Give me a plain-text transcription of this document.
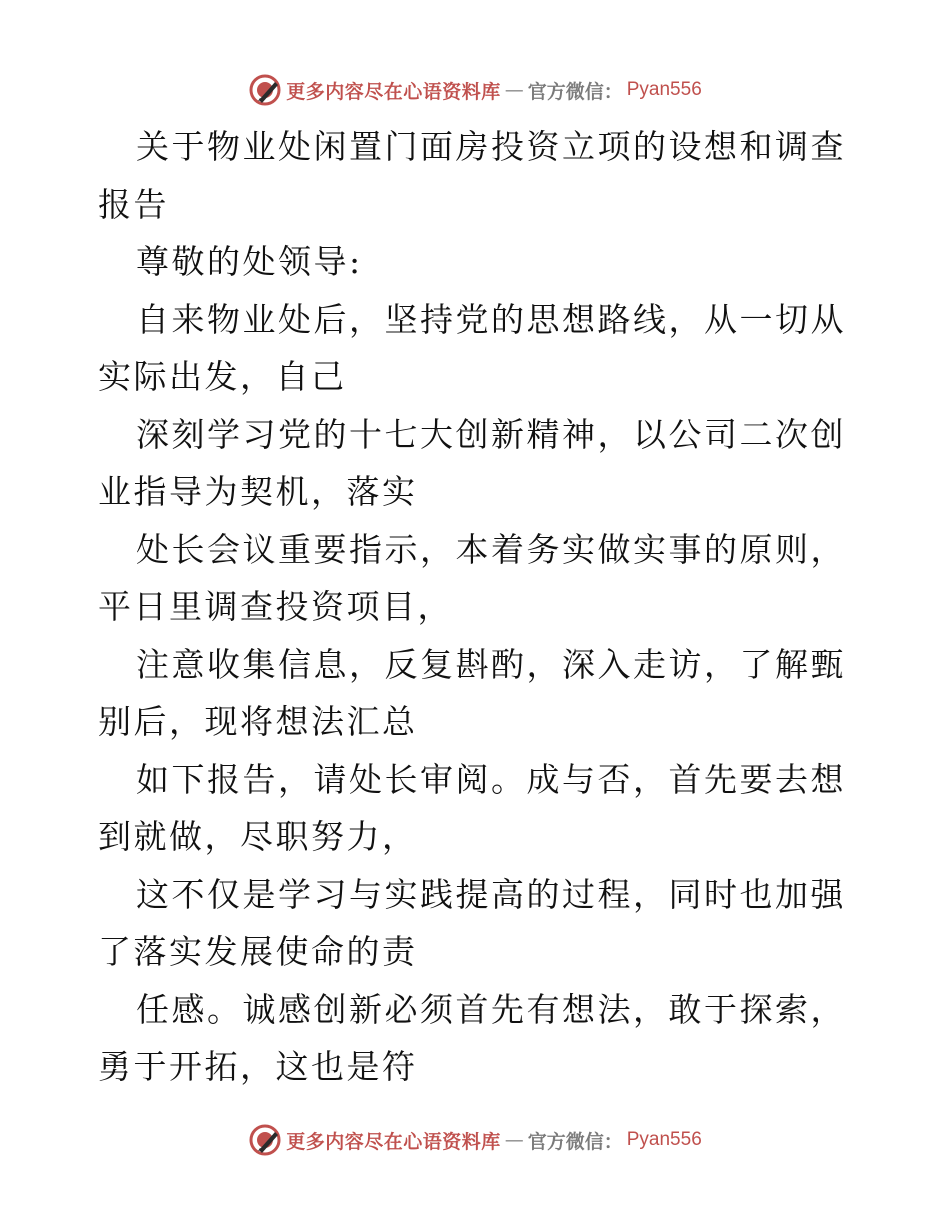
更多内容尽在心语资料库 — 官方微信： Pyan556

关于物业处闲置门面房投资立项的设想和调查报告

尊敬的处领导:

自来物业处后，坚持党的思想路线，从一切从实际出发，自己

深刻学习党的十七大创新精神，以公司二次创业指导为契机，落实

处长会议重要指示，本着务实做实事的原则，平日里调查投资项目，

注意收集信息，反复斟酌，深入走访，了解甄别后，现将想法汇总

如下报告，请处长审阅。成与否，首先要去想到就做，尽职努力，

这不仅是学习与实践提高的过程，同时也加强了落实发展使命的责

任感。诚感创新必须首先有想法，敢于探索，勇于开拓，这也是符

更多内容尽在心语资料库 — 官方微信： Pyan556
